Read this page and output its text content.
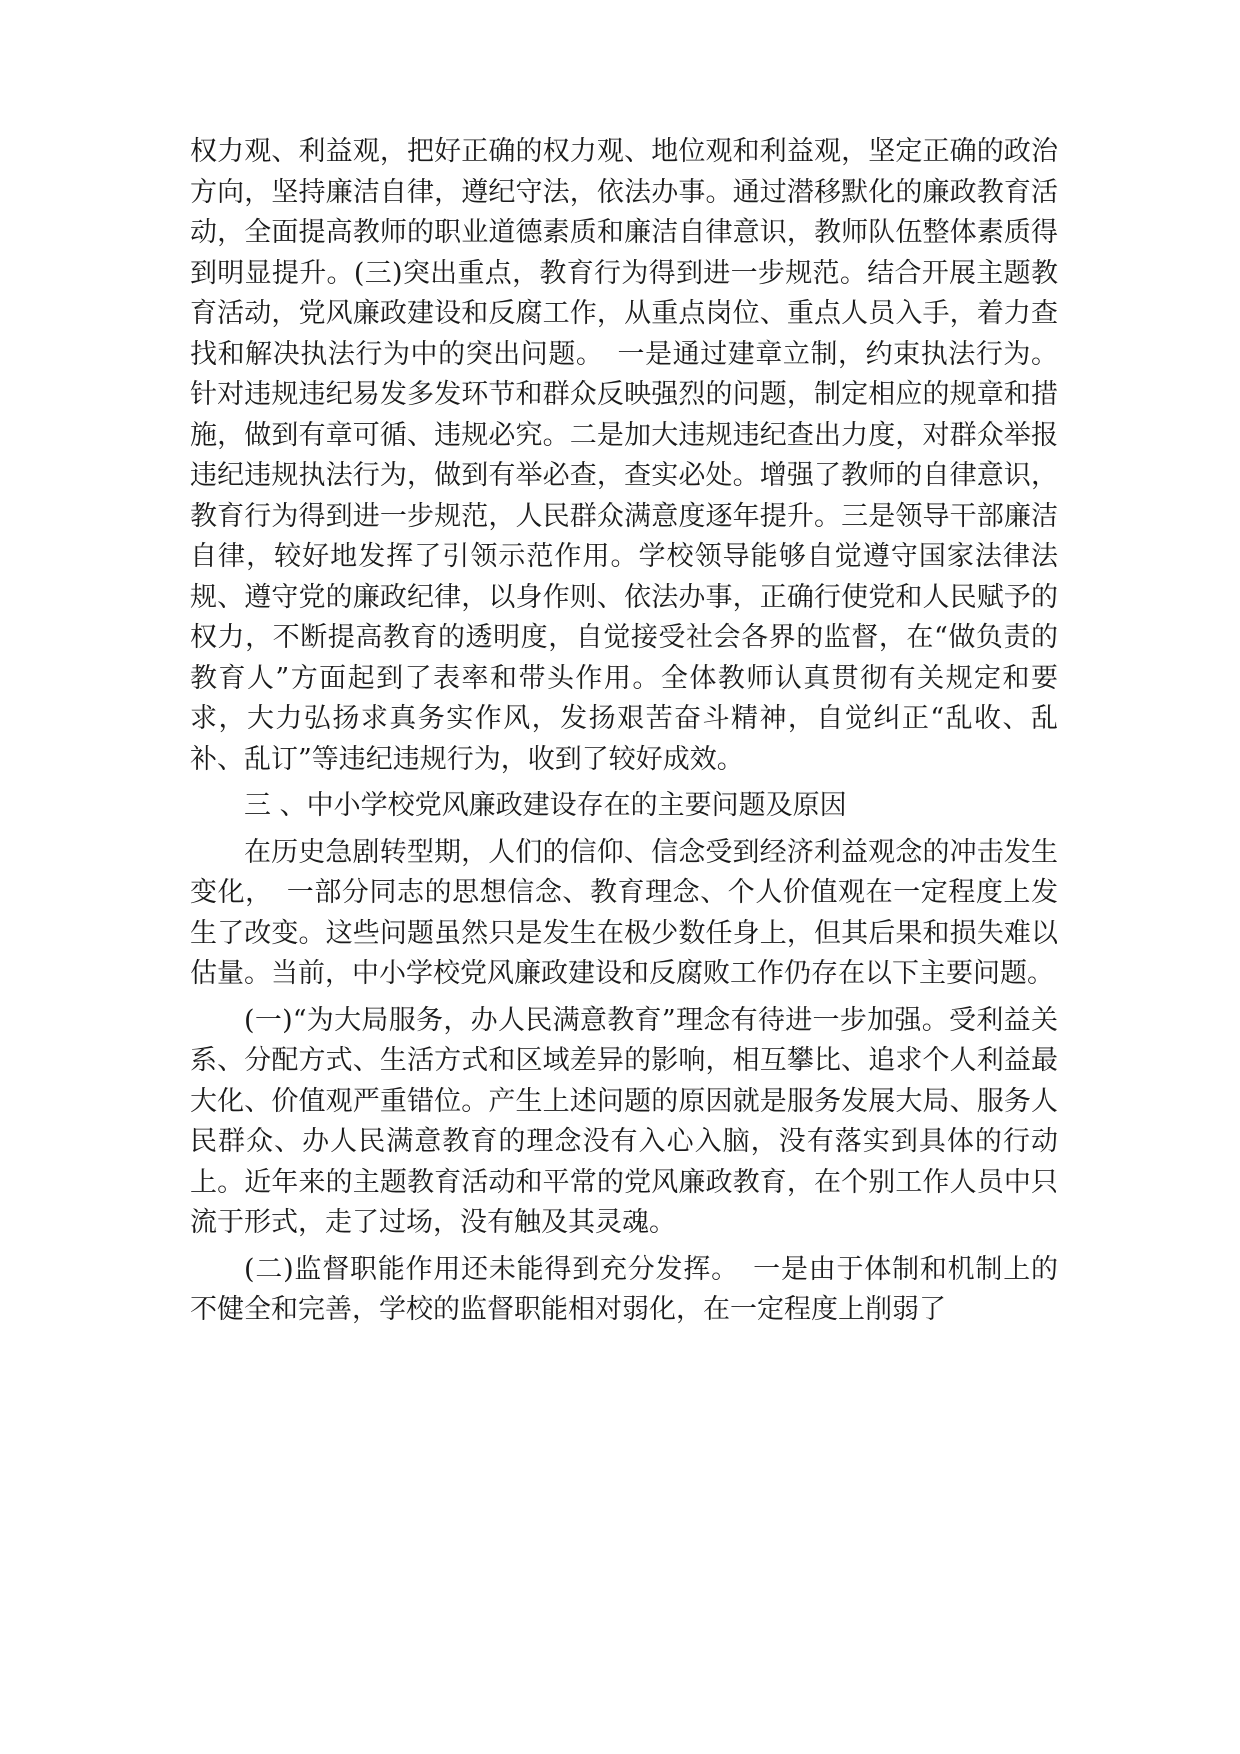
权力观、利益观，把好正确的权力观、地位观和利益观，坚定正确的政治方向，坚持廉洁自律，遵纪守法，依法办事。通过潜移默化的廉政教育活动，全面提高教师的职业道德素质和廉洁自律意识，教师队伍整体素质得到明显提升。(三)突出重点，教育行为得到进一步规范。结合开展主题教育活动，党风廉政建设和反腐工作，从重点岗位、重点人员入手，着力查找和解决执法行为中的突出问题。　一是通过建章立制，约束执法行为。针对违规违纪易发多发环节和群众反映强烈的问题，制定相应的规章和措施，做到有章可循、违规必究。二是加大违规违纪查出力度，对群众举报违纪违规执法行为，做到有举必查，查实必处。增强了教师的自律意识，教育行为得到进一步规范，人民群众满意度逐年提升。三是领导干部廉洁自律，较好地发挥了引领示范作用。学校领导能够自觉遵守国家法律法规、遵守党的廉政纪律，以身作则、依法办事，正确行使党和人民赋予的权力，不断提高教育的透明度，自觉接受社会各界的监督，在“做负责的教育人”方面起到了表率和带头作用。全体教师认真贯彻有关规定和要求，大力弘扬求真务实作风，发扬艰苦奋斗精神，自觉纠正“乱收、乱补、乱订”等违纪违规行为，收到了较好成效。

三 、中小学校党风廉政建设存在的主要问题及原因

在历史急剧转型期，人们的信仰、信念受到经济利益观念的冲击发生变化，　一部分同志的思想信念、教育理念、个人价值观在一定程度上发生了改变。这些问题虽然只是发生在极少数任身上，但其后果和损失难以估量。当前，中小学校党风廉政建设和反腐败工作仍存在以下主要问题。

(一)“为大局服务，办人民满意教育”理念有待进一步加强。受利益关系、分配方式、生活方式和区域差异的影响，相互攀比、追求个人利益最大化、价值观严重错位。产生上述问题的原因就是服务发展大局、服务人民群众、办人民满意教育的理念没有入心入脑，没有落实到具体的行动上。近年来的主题教育活动和平常的党风廉政教育，在个别工作人员中只流于形式，走了过场，没有触及其灵魂。

(二)监督职能作用还未能得到充分发挥。　一是由于体制和机制上的不健全和完善，学校的监督职能相对弱化，在一定程度上削弱了
